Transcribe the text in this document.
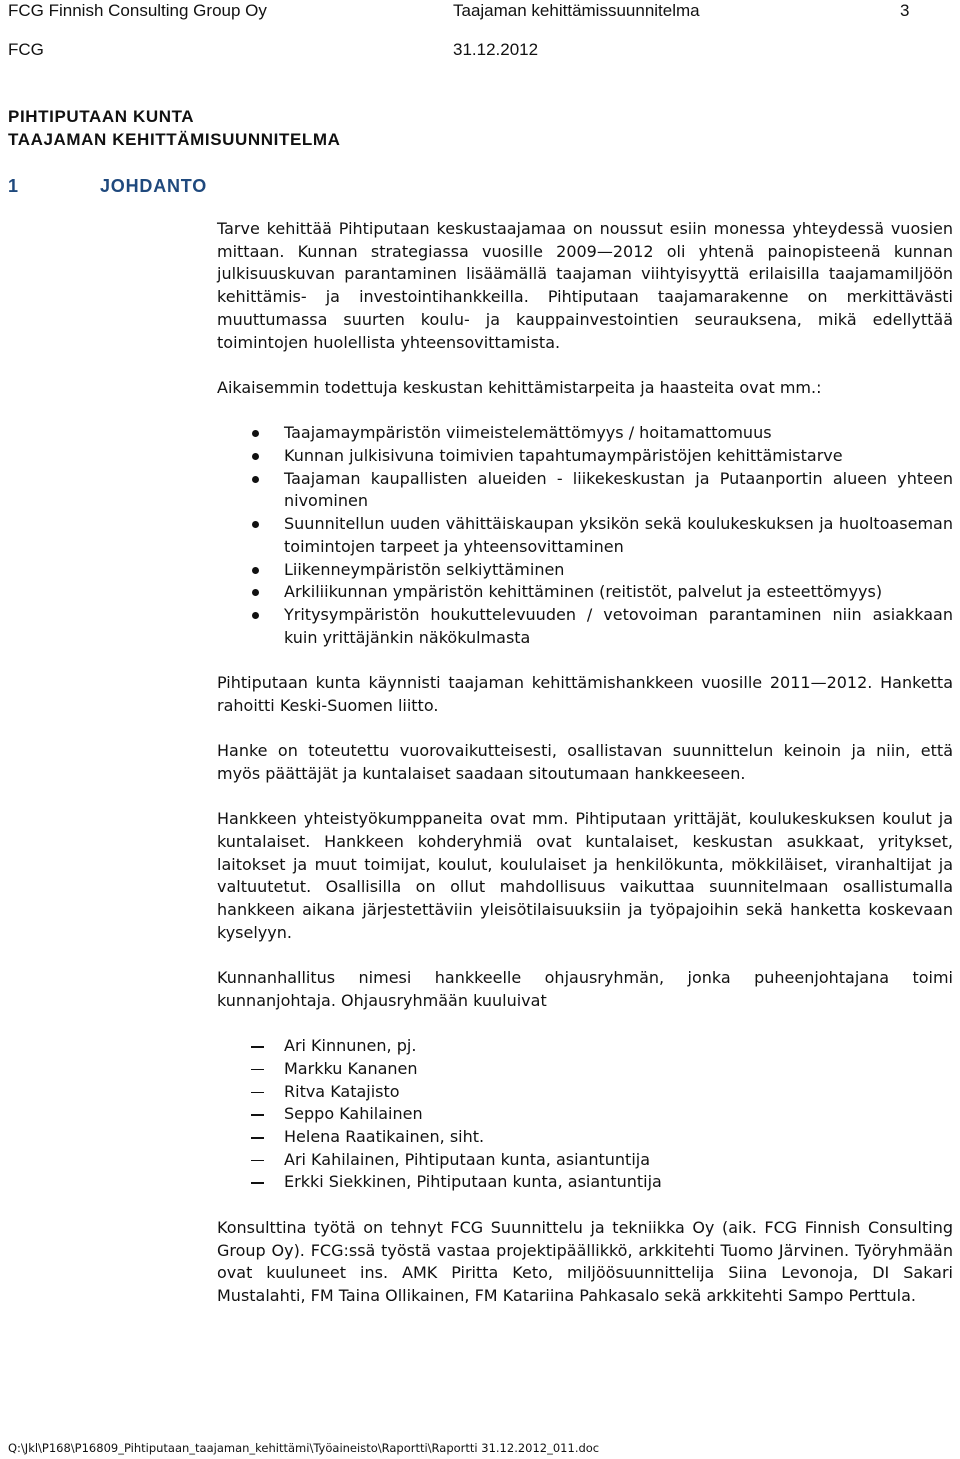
FCG Finnish Consulting Group Oy	Taajaman kehittämissuunnitelma	3
FCG	31.12.2012
PIHTIPUTAAN KUNTA
TAAJAMAN KEHITTÄMISUUNNITELMA
1	JOHDANTO

Tarve kehittää Pihtiputaan keskustaajamaa on noussut esiin monessa yhteydessä vuosien mittaan. Kunnan strategiassa vuosille 2009—2012 oli yhtenä painopisteenä kunnan julkisuuskuvan parantaminen lisäämällä taajaman viihtyisyyttä erilaisilla taajamamiljöön kehittämis- ja investointihankkeilla. Pihtiputaan taajamarakenne on merkittävästi muuttumassa suurten koulu- ja kauppainvestointien seurauksena, mikä edellyttää toimintojen huolellista yhteensovittamista.

Aikaisemmin todettuja keskustan kehittämistarpeita ja haasteita ovat mm.:

Taajamaympäristön viimeistelemättömyys / hoitamattomuus
Kunnan julkisivuna toimivien tapahtumaympäristöjen kehittämistarve
Taajaman kaupallisten alueiden - liikekeskustan ja Putaanportin alueen yhteen nivominen
Suunnitellun uuden vähittäiskaupan yksikön sekä koulukeskuksen ja huoltoaseman toimintojen tarpeet ja yhteensovittaminen
Liikenneympäristön selkiyttäminen
Arkiliikunnan ympäristön kehittäminen (reitistöt, palvelut ja esteettömyys)
Yritysympäristön houkuttelevuuden / vetovoiman parantaminen niin asiakkaan kuin yrittäjänkin näkökulmasta

Pihtiputaan kunta käynnisti taajaman kehittämishankkeen vuosille 2011—2012. Hanketta rahoitti Keski-Suomen liitto.

Hanke on toteutettu vuorovaikutteisesti, osallistavan suunnittelun keinoin ja niin, että myös päättäjät ja kuntalaiset saadaan sitoutumaan hankkeeseen.

Hankkeen yhteistyökumppaneita ovat mm. Pihtiputaan yrittäjät, koulukeskuksen koulut ja kuntalaiset. Hankkeen kohderyhmiä ovat kuntalaiset, keskustan asukkaat, yritykset, laitokset ja muut toimijat, koulut, koululaiset ja henkilökunta, mökkiläiset, viranhaltijat ja valtuutetut. Osallisilla on ollut mahdollisuus vaikuttaa suunnitelmaan osallistumalla hankkeen aikana järjestettäviin yleisötilaisuuksiin ja työpajoihin sekä hanketta koskevaan kyselyyn.

Kunnanhallitus nimesi hankkeelle ohjausryhmän, jonka puheenjohtajana toimi kunnanjohtaja. Ohjausryhmään kuuluivat

Ari Kinnunen, pj.
Markku Kananen
Ritva Katajisto
Seppo Kahilainen
Helena Raatikainen, siht.
Ari Kahilainen, Pihtiputaan kunta, asiantuntija
Erkki Siekkinen, Pihtiputaan kunta, asiantuntija

Konsulttina työtä on tehnyt FCG Suunnittelu ja tekniikka Oy (aik. FCG Finnish Consulting Group Oy). FCG:ssä työstä vastaa projektipäällikkö, arkkitehti Tuomo Järvinen. Työryhmään ovat kuuluneet ins. AMK Piritta Keto, miljöösuunnittelija Siina Levonoja, DI Sakari Mustalahti, FM Taina Ollikainen, FM Katariina Pahkasalo sekä arkkitehti Sampo Perttula.

Q:\Jkl\P168\P16809_Pihtiputaan_taajaman_kehittämi\Työaineisto\Raportti\Raportti 31.12.2012_011.doc
